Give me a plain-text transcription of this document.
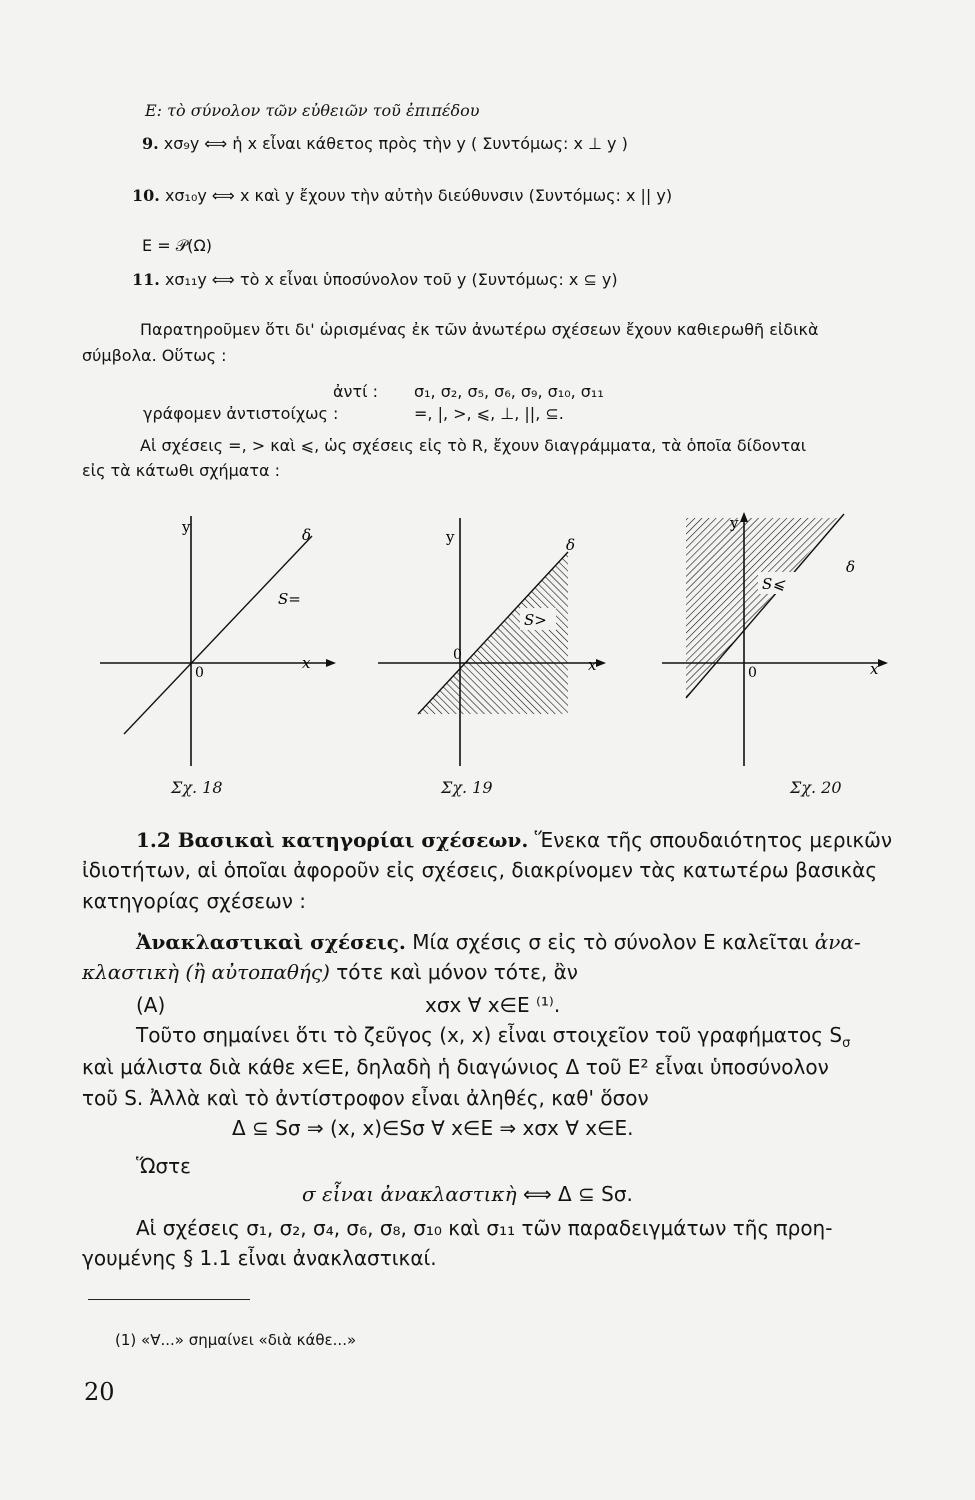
E: τὸ σύνολον τῶν εὐθειῶν τοῦ ἐπιπέδου
9. xσ₉y ⟺ ἡ x εἶναι κάθετος πρὸς τὴν y ( Συντόμως: x ⊥ y )
10. xσ₁₀y ⟺ x καὶ y ἔχουν τὴν αὐτὴν διεύθυνσιν (Συντόμως: x || y)
E = 𝒫(Ω)
11. xσ₁₁y ⟺ τὸ x εἶναι ὑποσύνολον τοῦ y (Συντόμως: x ⊆ y)
Παρατηροῦμεν ὅτι δι' ὡρισμένας ἐκ τῶν ἀνωτέρω σχέσεων ἔχουν καθιερωθῆ εἰδικὰ
σύμβολα. Οὕτως :
ἀντί : σ₁, σ₂, σ₅, σ₆, σ₉, σ₁₀, σ₁₁
γράφομεν ἀντιστοίχως :	=, |, >, ⩽, ⊥, ||, ⊆.
Αἱ σχέσεις =, > καὶ ⩽, ὡς σχέσεις εἰς τὸ R, ἔχουν διαγράμματα, τὰ ὁποῖα δίδονται
εἰς τὰ κάτωθι σχήματα :
y
x
0
δ
S=
Σχ. 18
y
x
0
δ
S>
Σχ. 19
y
x
0
δ
S⩽
Σχ. 20
1.2 Βασικαὶ κατηγορίαι σχέσεων. Ἕνεκα τῆς σπουδαιότητος μερικῶν
ἰδιοτήτων, αἱ ὁποῖαι ἀφοροῦν εἰς σχέσεις, διακρίνομεν τὰς κατωτέρω βασικὰς
κατηγορίας σχέσεων :
Ἀνακλαστικαὶ σχέσεις. Μία σχέσις σ εἰς τὸ σύνολον E καλεῖται ἀνα-
κλαστικὴ (ἢ αὐτοπαθής) τότε καὶ μόνον τότε, ἂν
(A)	xσx ∀ x∈E ⁽¹⁾.
Τοῦτο σημαίνει ὅτι τὸ ζεῦγος (x, x) εἶναι στοιχεῖον τοῦ γραφήματος $S_\sigma$
καὶ μάλιστα διὰ κάθε x∈E, δηλαδὴ ἡ διαγώνιος Δ τοῦ E² εἶναι ὑποσύνολον
τοῦ S. Ἀλλὰ καὶ τὸ ἀντίστροφον εἶναι ἀληθές, καθ' ὅσον
Δ ⊆ Sσ ⇒ (x, x)∈Sσ ∀ x∈E ⇒ xσx ∀ x∈E.
Ὥστε
σ εἶναι ἀνακλαστικὴ ⟺ Δ ⊆ Sσ.
Αἱ σχέσεις σ₁, σ₂, σ₄, σ₆, σ₈, σ₁₀ καὶ σ₁₁ τῶν παραδειγμάτων τῆς προη-
γουμένης § 1.1 εἶναι ἀνακλαστικαί.
(1) «∀...» σημαίνει «διὰ κάθε...»
20
